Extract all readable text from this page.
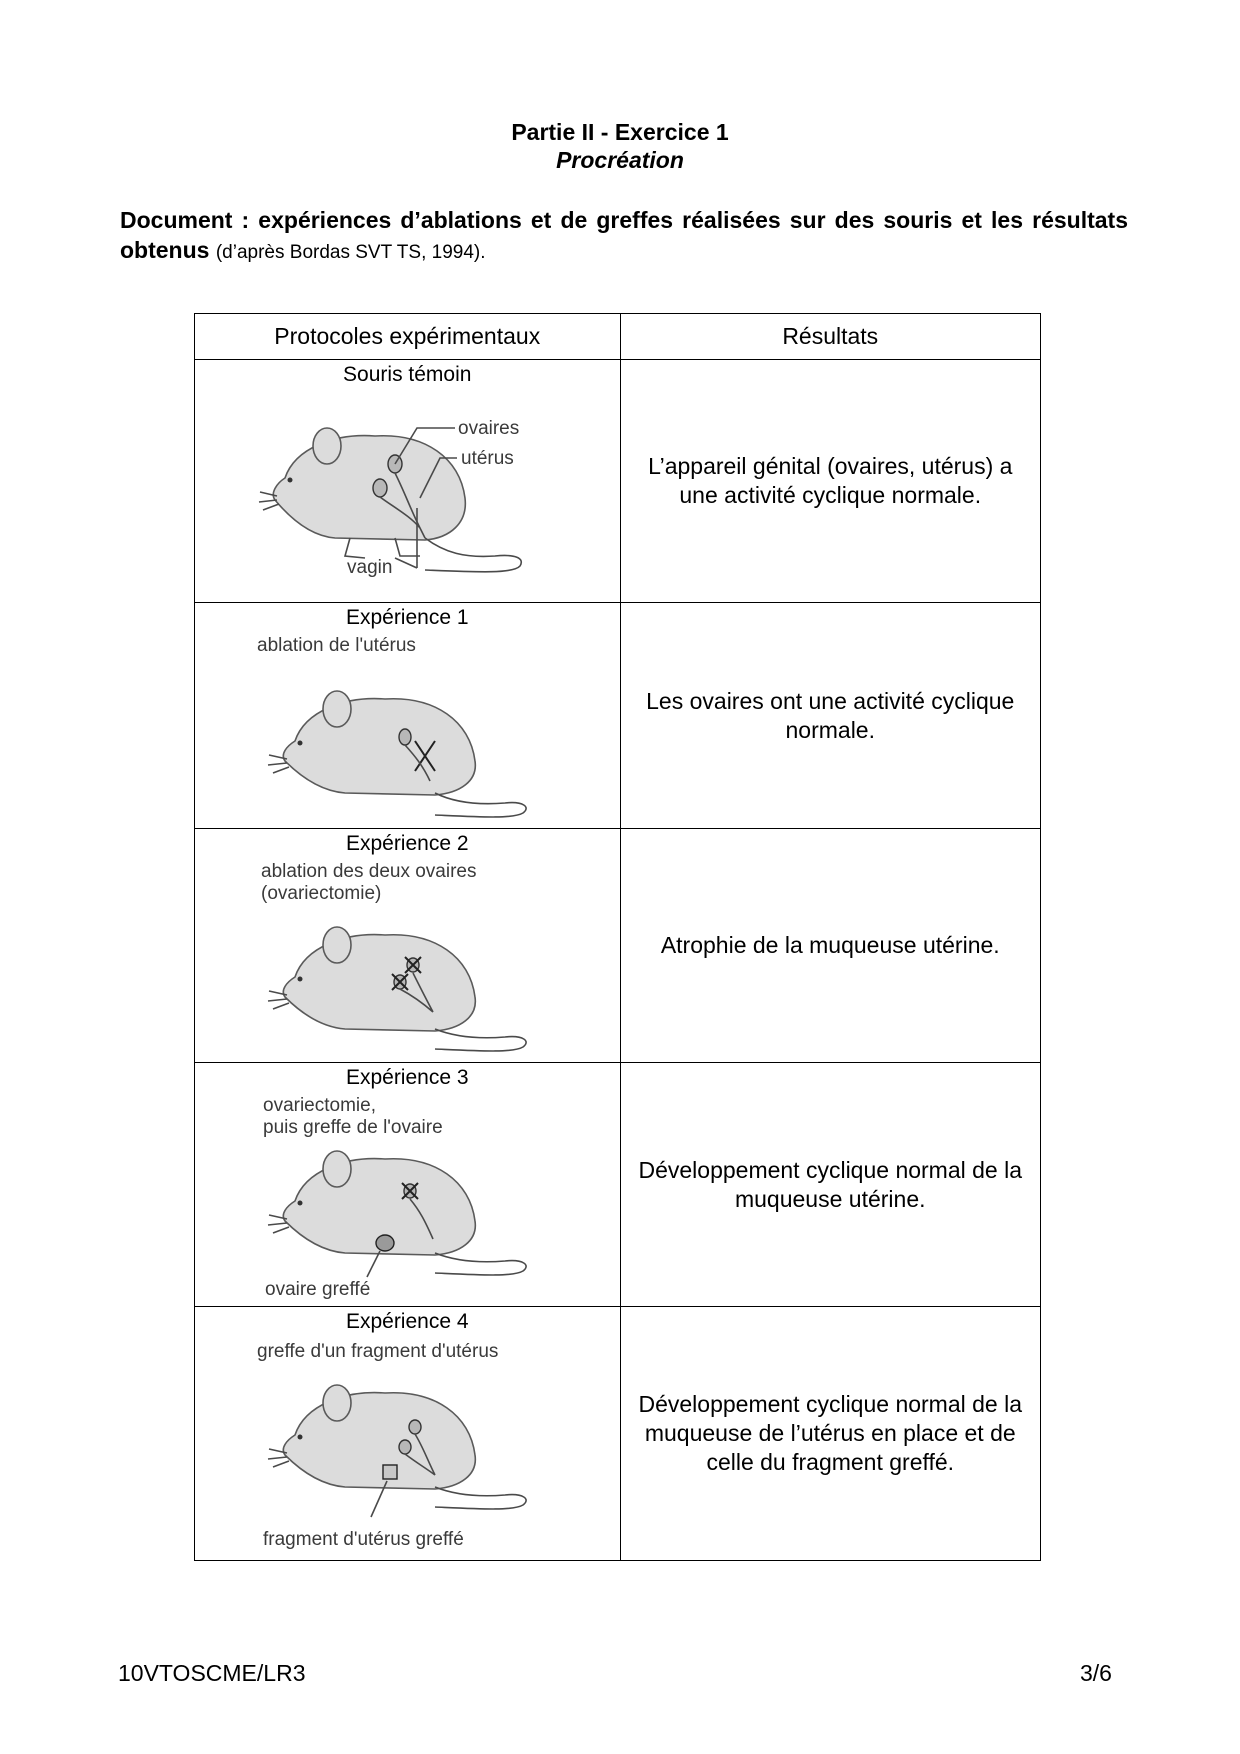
Partie II - Exercice 1
Procréation
Document : expériences d’ablations et de greffes réalisées sur des souris et les résultats obtenus (d’après Bordas SVT TS, 1994).
Protocoles expérimentaux	Résultats

Souris témoin
ovaires
utérus
vagin	L’appareil génital (ovaires, utérus) a une activité cyclique normale.

Expérience 1
ablation de l'utérus	Les ovaires ont une activité cyclique normale.

Expérience 2
ablation des deux ovaires
(ovariectomie)	Atrophie de la muqueuse utérine.

Expérience 3
ovariectomie,
puis greffe de l'ovaire
ovaire greffé	Développement cyclique normal de la muqueuse utérine.

Expérience 4
greffe d'un fragment d'utérus
fragment d'utérus greffé	Développement cyclique normal de la muqueuse de l’utérus en place et de celle du fragment greffé.
10VTOSCME/LR3	3/6
